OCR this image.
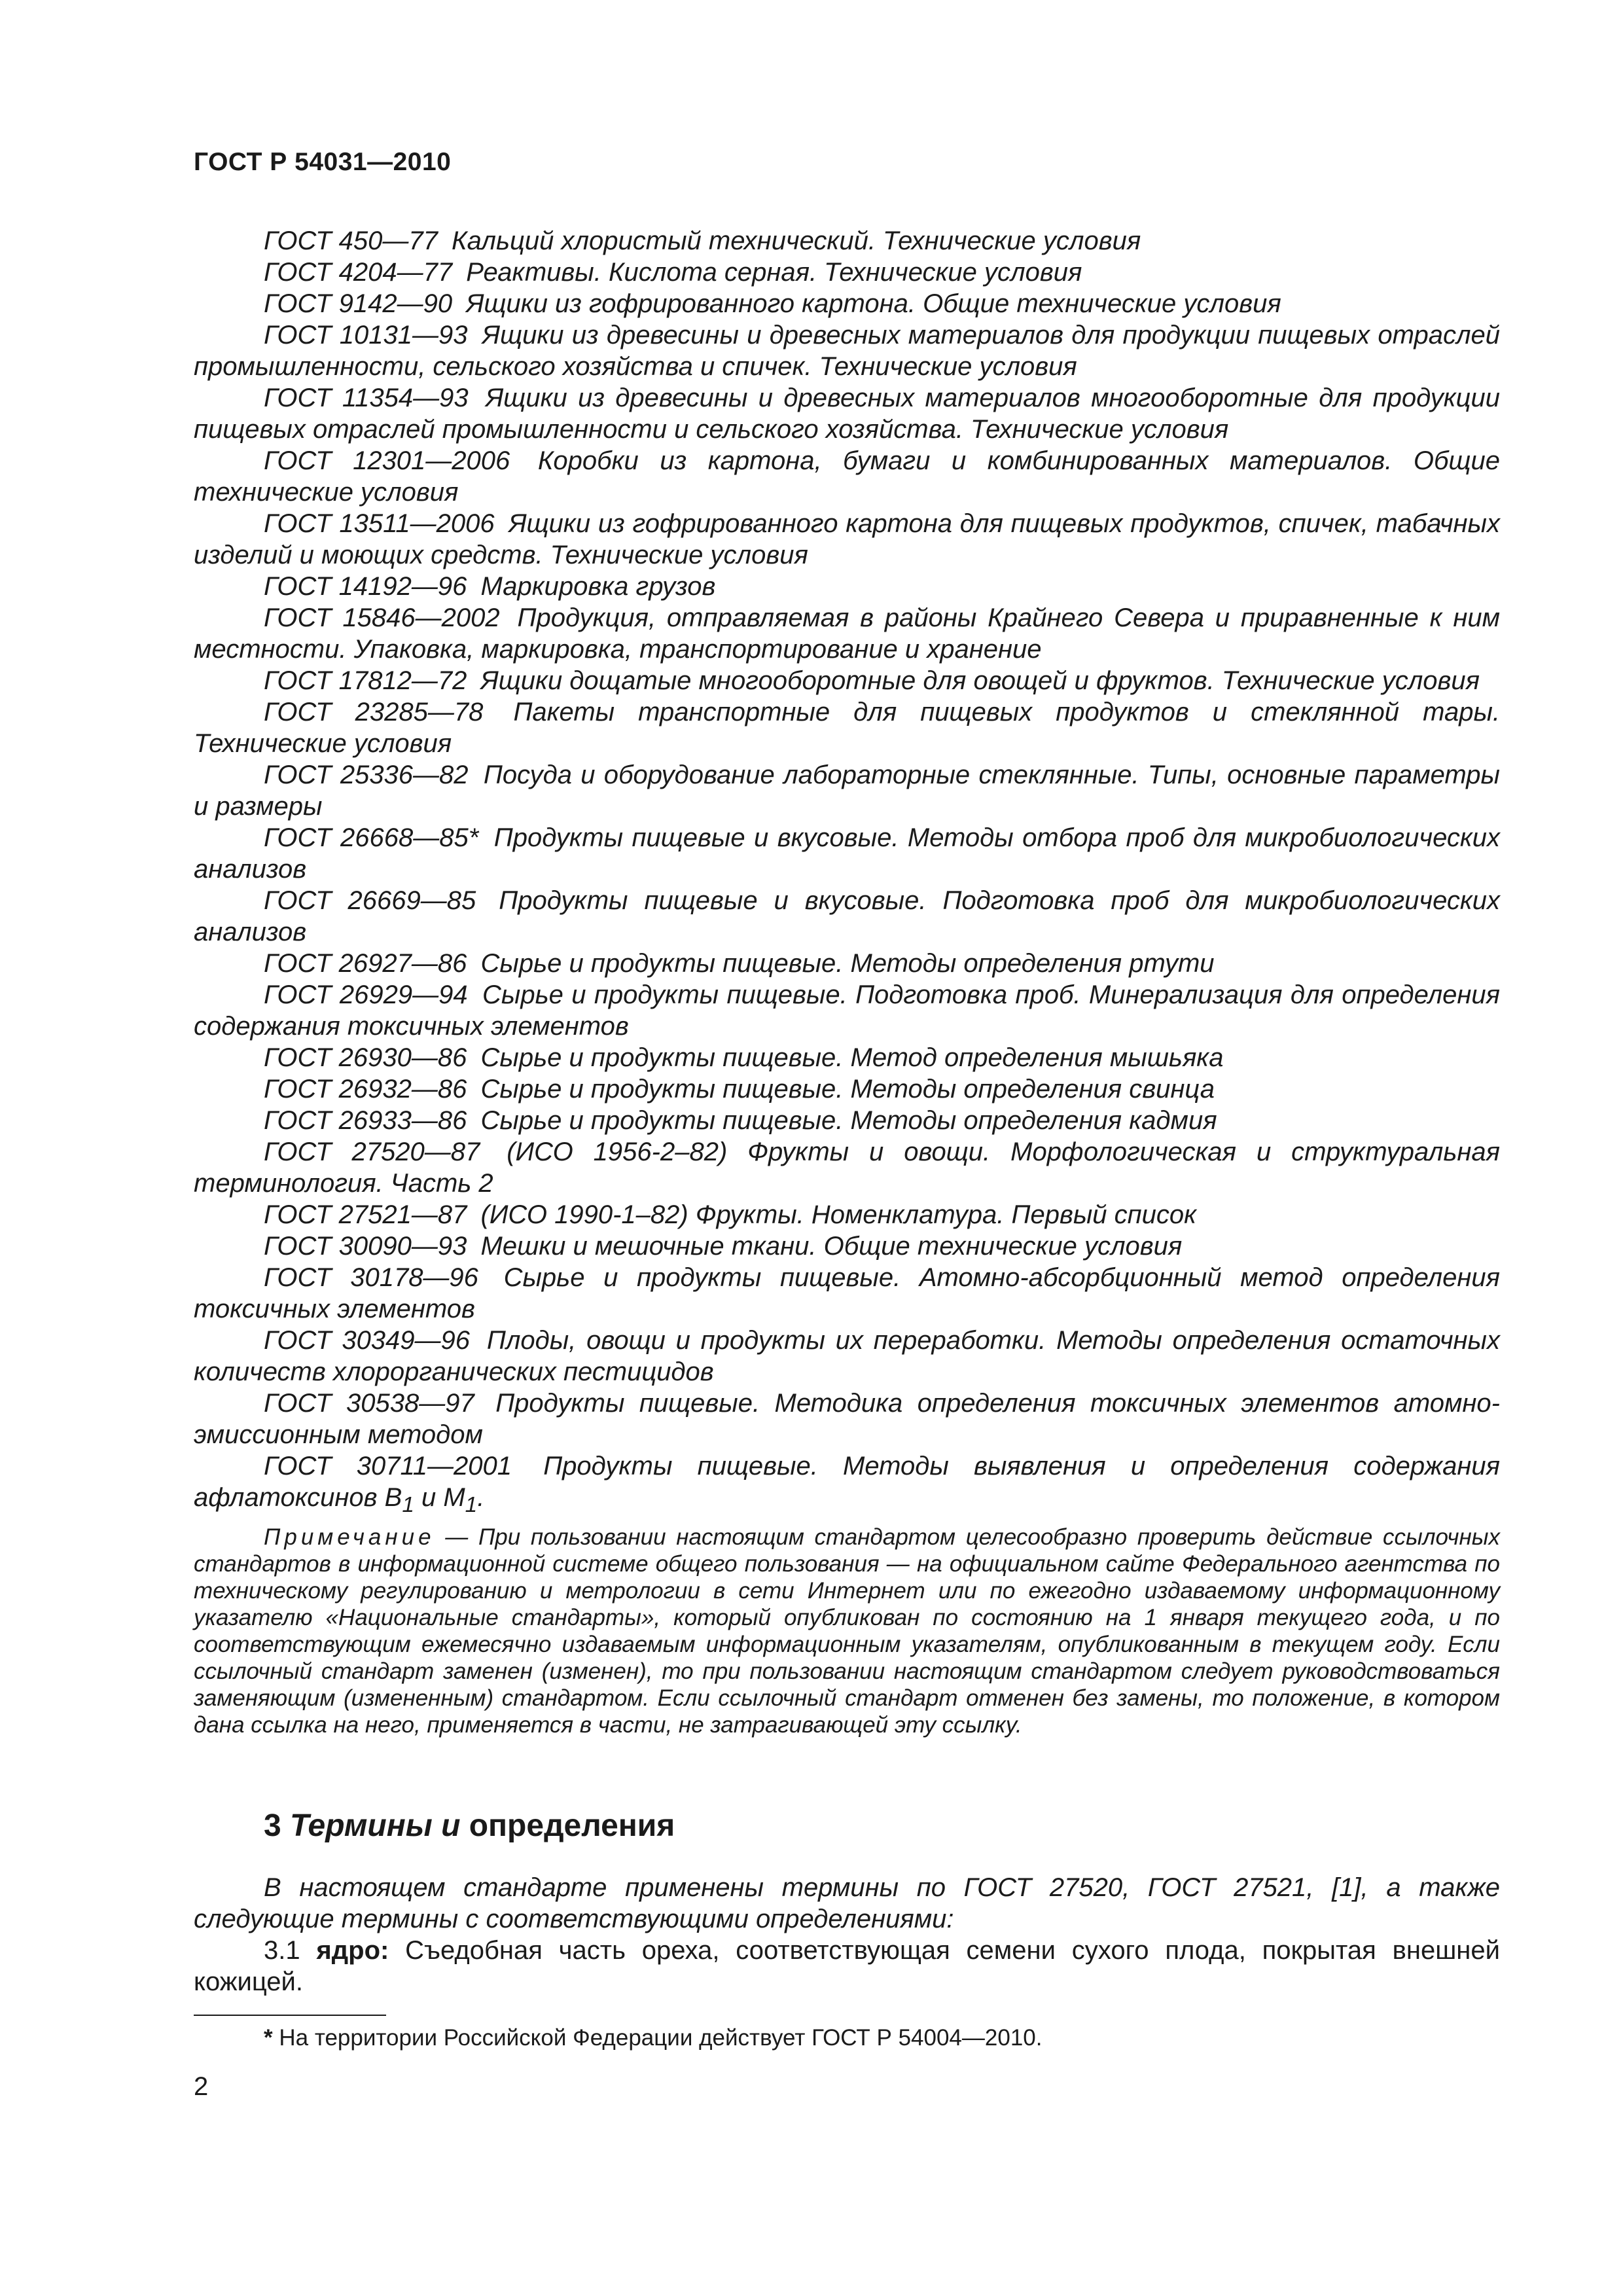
ГОСТ Р 54031—2010

ГОСТ 450—77 Кальций хлористый технический. Технические условия

ГОСТ 4204—77 Реактивы. Кислота серная. Технические условия

ГОСТ 9142—90 Ящики из гофрированного картона. Общие технические условия

ГОСТ 10131—93 Ящики из древесины и древесных материалов для продукции пищевых отраслей промышленности, сельского хозяйства и спичек. Технические условия

ГОСТ 11354—93 Ящики из древесины и древесных материалов многооборотные для продукции пищевых отраслей промышленности и сельского хозяйства. Технические условия

ГОСТ 12301—2006 Коробки из картона, бумаги и комбинированных материалов. Общие технические условия

ГОСТ 13511—2006 Ящики из гофрированного картона для пищевых продуктов, спичек, табачных изделий и моющих средств. Технические условия

ГОСТ 14192—96 Маркировка грузов

ГОСТ 15846—2002 Продукция, отправляемая в районы Крайнего Севера и приравненные к ним местности. Упаковка, маркировка, транспортирование и хранение

ГОСТ 17812—72 Ящики дощатые многооборотные для овощей и фруктов. Технические условия

ГОСТ 23285—78 Пакеты транспортные для пищевых продуктов и стеклянной тары. Технические условия

ГОСТ 25336—82 Посуда и оборудование лабораторные стеклянные. Типы, основные параметры и размеры

ГОСТ 26668—85* Продукты пищевые и вкусовые. Методы отбора проб для микробиологических анализов

ГОСТ 26669—85 Продукты пищевые и вкусовые. Подготовка проб для микробиологических анализов

ГОСТ 26927—86 Сырье и продукты пищевые. Методы определения ртути

ГОСТ 26929—94 Сырье и продукты пищевые. Подготовка проб. Минерализация для определения содержания токсичных элементов

ГОСТ 26930—86 Сырье и продукты пищевые. Метод определения мышьяка

ГОСТ 26932—86 Сырье и продукты пищевые. Методы определения свинца

ГОСТ 26933—86 Сырье и продукты пищевые. Методы определения кадмия

ГОСТ 27520—87 (ИСО 1956-2–82) Фрукты и овощи. Морфологическая и структуральная терминология. Часть 2

ГОСТ 27521—87 (ИСО 1990-1–82) Фрукты. Номенклатура. Первый список

ГОСТ 30090—93 Мешки и мешочные ткани. Общие технические условия

ГОСТ 30178—96 Сырье и продукты пищевые. Атомно-абсорбционный метод определения токсичных элементов

ГОСТ 30349—96 Плоды, овощи и продукты их переработки. Методы определения остаточных количеств хлорорганических пестицидов

ГОСТ 30538—97 Продукты пищевые. Методика определения токсичных элементов атомно-эмиссионным методом

ГОСТ 30711—2001 Продукты пищевые. Методы выявления и определения содержания афлатоксинов $В_1$ и $М_1$.

Примечание — При пользовании настоящим стандартом целесообразно проверить действие ссылочных стандартов в информационной системе общего пользования — на официальном сайте Федерального агентства по техническому регулированию и метрологии в сети Интернет или по ежегодно издаваемому информационному указателю «Национальные стандарты», который опубликован по состоянию на 1 января текущего года, и по соответствующим ежемесячно издаваемым информационным указателям, опубликованным в текущем году. Если ссылочный стандарт заменен (изменен), то при пользовании настоящим стандартом следует руководствоваться заменяющим (измененным) стандартом. Если ссылочный стандарт отменен без замены, то положение, в котором дана ссылка на него, применяется в части, не затрагивающей эту ссылку.

3 Термины и определения

В настоящем стандарте применены термины по ГОСТ 27520, ГОСТ 27521, [1], а также следующие термины с соответствующими определениями:

3.1 ядро: Съедобная часть ореха, соответствующая семени сухого плода, покрытая внешней кожицей.

* На территории Российской Федерации действует ГОСТ Р 54004—2010.
2
